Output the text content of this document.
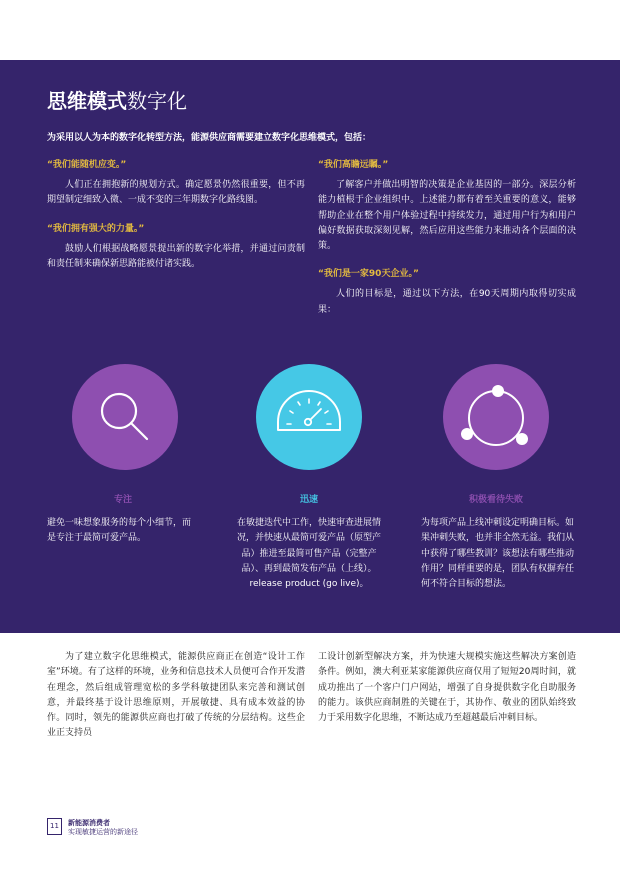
思维模式数字化
为采用以人为本的数字化转型方法，能源供应商需要建立数字化思维模式，包括：
“我们能随机应变。”
人们正在拥抱新的规划方式。确定愿景仍然很重要，但不再期望制定细致入微、一成不变的三年期数字化路线图。
“我们拥有强大的力量。”
鼓励人们根据战略愿景提出新的数字化举措，并通过问责制和责任制来确保新思路能被付诸实践。
“我们高瞻远瞩。”
了解客户并做出明智的决策是企业基因的一部分。深层分析能力植根于企业组织中。上述能力都有着至关重要的意义，能够帮助企业在整个用户体验过程中持续发力，通过用户行为和用户偏好数据获取深刻见解，然后应用这些能力来推动各个层面的决策。
“我们是一家90天企业。”
人们的目标是，通过以下方法，在90天周期内取得切实成果：
专注	迅速	积极看待失败
避免一味想象服务的每个小细节，而是专注于最简可爱产品。
在敏捷迭代中工作，快速审查进展情况，并快速从最简可爱产品（原型产品）推进至最简可售产品（完整产品）、再到最简发布产品（上线）。release product (go live)。
为每项产品上线冲刺设定明确目标。如果冲刺失败，也并非全然无益。我们从中获得了哪些教训？该想法有哪些推动作用？同样重要的是，团队有权摒弃任何不符合目标的想法。
为了建立数字化思维模式，能源供应商正在创造“设计工作室”环境。有了这样的环境，业务和信息技术人员便可合作开发潜在理念，然后组成管理宽松的多学科敏捷团队来完善和测试创意，并最终基于设计思维原则，开展敏捷、具有成本效益的协作。同时，领先的能源供应商也打破了传统的分层结构。这些企业正支持员
工设计创新型解决方案，并为快速大规模实施这些解决方案创造条件。例如，澳大利亚某家能源供应商仅用了短短20周时间，就成功推出了一个客户门户网站，增强了自身提供数字化自助服务的能力。该供应商制胜的关键在于，其协作、敬业的团队始终致力于采用数字化思维，不断达成乃至超越最后冲刺目标。
11	新能源消费者
实现敏捷运营的新途径
